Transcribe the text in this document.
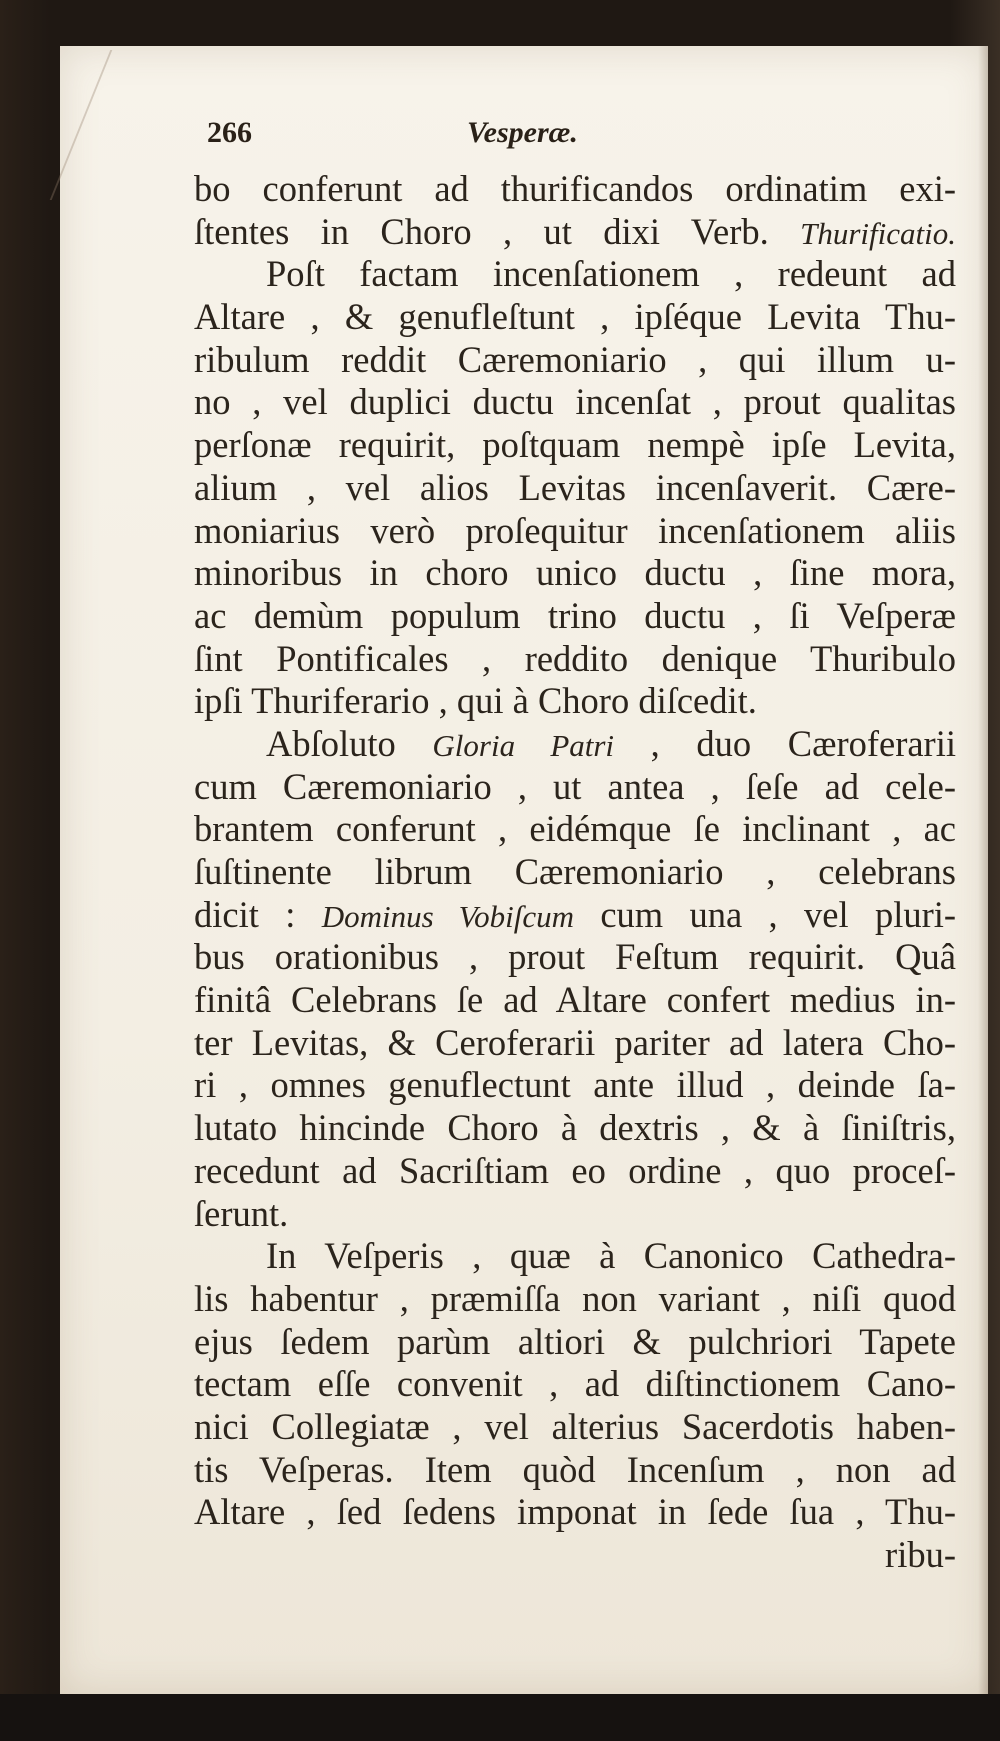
266	Vesperæ.
bo conferunt ad thurificandos ordinatim exi-
ſtentes in Choro , ut dixi Verb. Thurificatio.
Poſt factam incenſationem , redeunt ad
Altare , & genufleſtunt , ipſéque Levita Thu-
ribulum reddit Cæremoniario , qui illum u-
no , vel duplici ductu incenſat , prout qualitas
perſonæ requirit, poſtquam nempè ipſe Levita,
alium , vel alios Levitas incenſaverit. Cære-
moniarius verò proſequitur incenſationem aliis
minoribus in choro unico ductu , ſine mora,
ac demùm populum trino ductu , ſi Veſperæ
ſint Pontificales , reddito denique Thuribulo
ipſi Thuriferario , qui à Choro diſcedit.
Abſoluto Gloria Patri , duo Cæroferarii
cum Cæremoniario , ut antea , ſeſe ad cele-
brantem conferunt , eidémque ſe inclinant , ac
ſuſtinente librum Cæremoniario , celebrans
dicit : Dominus Vobiſcum cum una , vel pluri-
bus orationibus , prout Feſtum requirit. Quâ
finitâ Celebrans ſe ad Altare confert medius in-
ter Levitas, & Ceroferarii pariter ad latera Cho-
ri , omnes genuflectunt ante illud , deinde ſa-
lutato hincinde Choro à dextris , & à ſiniſtris,
recedunt ad Sacriſtiam eo ordine , quo proceſ-
ſerunt.
In Veſperis , quæ à Canonico Cathedra-
lis habentur , præmiſſa non variant , niſi quod
ejus ſedem parùm altiori & pulchriori Tapete
tectam eſſe convenit , ad diſtinctionem Cano-
nici Collegiatæ , vel alterius Sacerdotis haben-
tis Veſperas. Item quòd Incenſum , non ad
Altare , ſed ſedens imponat in ſede ſua , Thu-
ribu-
